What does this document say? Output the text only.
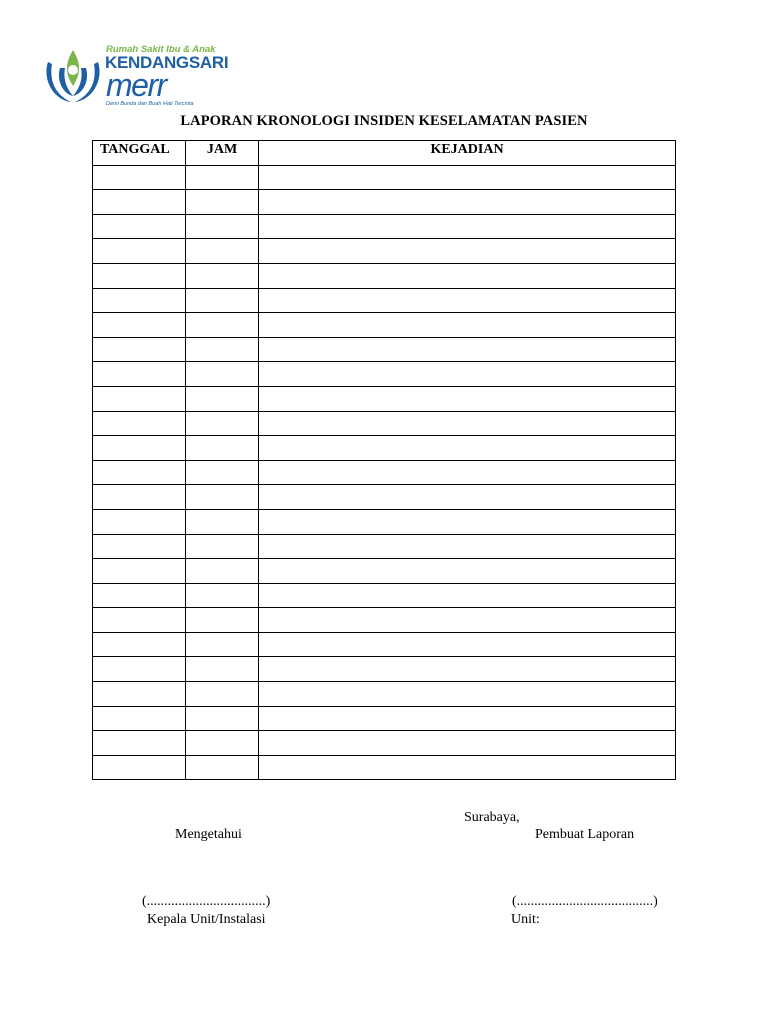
Rumah Sakit Ibu & Anak
KENDANGSARI
merr
Demi Bunda dan Buah Hati Tercinta
LAPORAN KRONOLOGI INSIDEN KESELAMATAN PASIEN
TANGGAL	JAM	KEJADIAN

Surabaya,
Mengetahui	Pembuat Laporan
(..................................)	(.......................................)
Kepala Unit/Instalasi	Unit:
